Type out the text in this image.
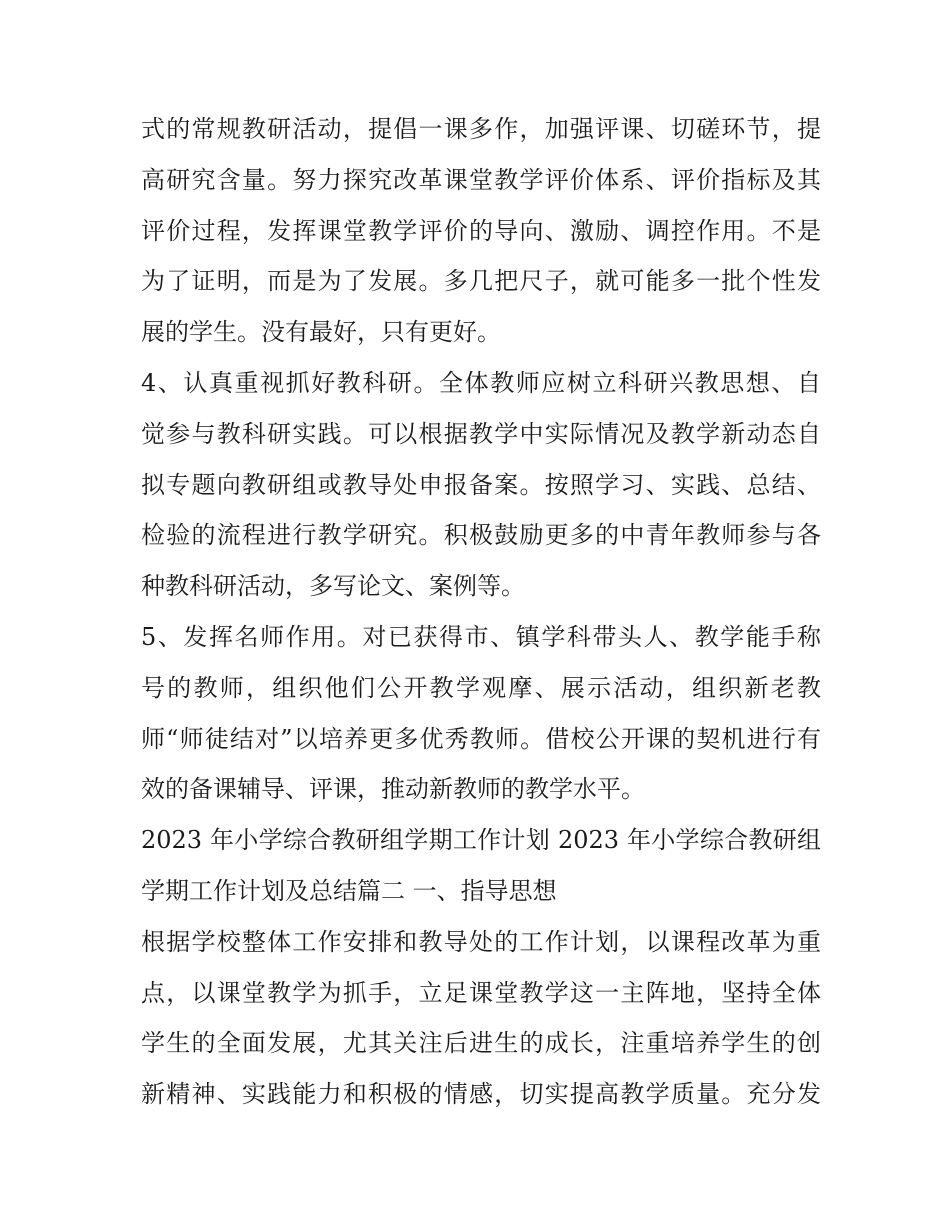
式的常规教研活动，提倡一课多作，加强评课、切磋环节，提
高研究含量。努力探究改革课堂教学评价体系、评价指标及其
评价过程，发挥课堂教学评价的导向、激励、调控作用。不是
为了证明，而是为了发展。多几把尺子，就可能多一批个性发
展的学生。没有最好，只有更好。
4、认真重视抓好教科研。全体教师应树立科研兴教思想、自
觉参与教科研实践。可以根据教学中实际情况及教学新动态自
拟专题向教研组或教导处申报备案。按照学习、实践、总结、
检验的流程进行教学研究。积极鼓励更多的中青年教师参与各
种教科研活动，多写论文、案例等。
5、发挥名师作用。对已获得市、镇学科带头人、教学能手称
号的教师，组织他们公开教学观摩、展示活动，组织新老教
师“师徒结对”以培养更多优秀教师。借校公开课的契机进行有
效的备课辅导、评课，推动新教师的教学水平。
2023 年小学综合教研组学期工作计划 2023 年小学综合教研组
学期工作计划及总结篇二 一、指导思想
根据学校整体工作安排和教导处的工作计划，以课程改革为重
点，以课堂教学为抓手，立足课堂教学这一主阵地，坚持全体
学生的全面发展，尤其关注后进生的成长，注重培养学生的创
新精神、实践能力和积极的情感，切实提高教学质量。充分发
